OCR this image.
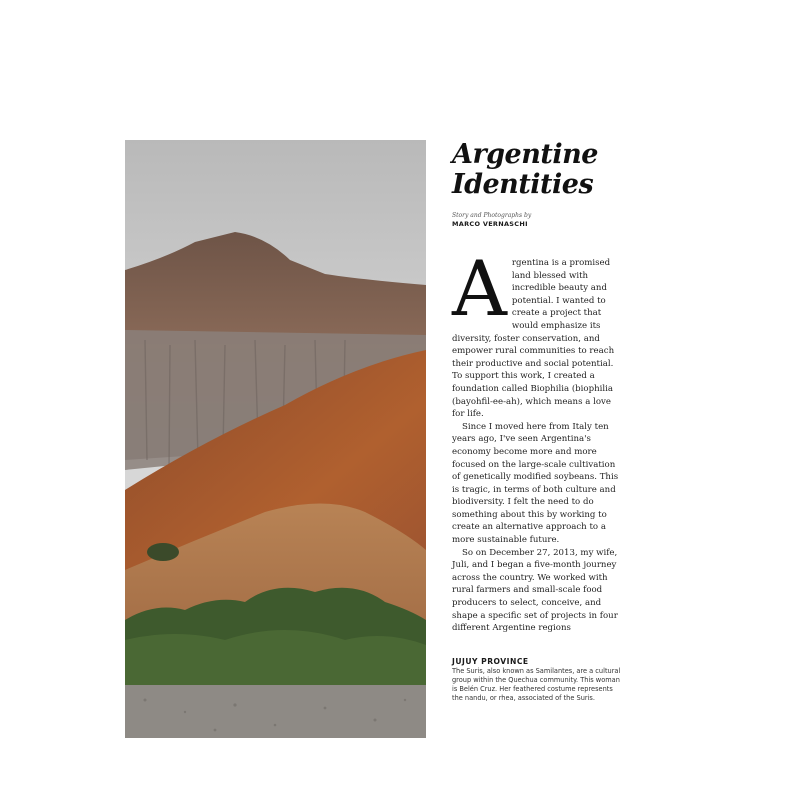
Argentine
Identities
Story and Photographs by
MARCO VERNASCHI

Argentina is a promised land blessed with incredible beauty and potential. I wanted to create a project that would emphasize its diversity, foster conservation, and empower rural communities to reach their productive and social potential. To support this work, I created a foundation called Biophilia (biophilia (bayohfil-ee-ah), which means a love for life.

Since I moved here from Italy ten years ago, I've seen Argentina's economy become more and more focused on the large-scale cultivation of genetically modified soybeans. This is tragic, in terms of both culture and biodiversity. I felt the need to do something about this by working to create an alternative approach to a more sustainable future.

So on December 27, 2013, my wife, Juli, and I began a five-month journey across the country. We worked with rural farmers and small-scale food producers to select, conceive, and shape a specific set of projects in four different Argentine regions

JUJUY PROVINCE
The Suris, also known as Samilantes, are a cultural group within the Quechua community. This woman is Belén Cruz. Her feathered costume represents the nandu, or rhea, associated of the Suris.
